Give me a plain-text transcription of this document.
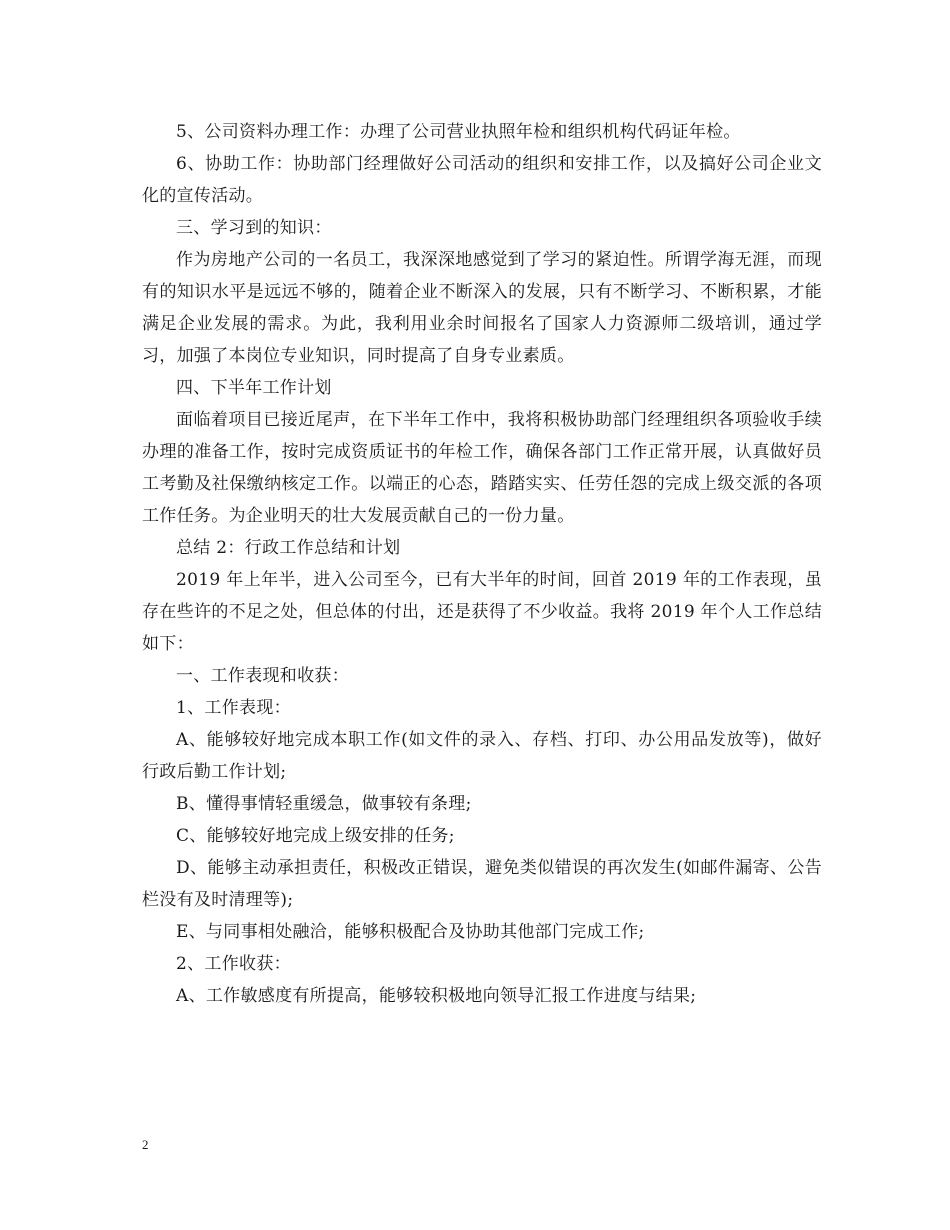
5、公司资料办理工作：办理了公司营业执照年检和组织机构代码证年检。

6、协助工作：协助部门经理做好公司活动的组织和安排工作，以及搞好公司企业文化的宣传活动。

三、学习到的知识：

作为房地产公司的一名员工，我深深地感觉到了学习的紧迫性。所谓学海无涯，而现有的知识水平是远远不够的，随着企业不断深入的发展，只有不断学习、不断积累，才能满足企业发展的需求。为此，我利用业余时间报名了国家人力资源师二级培训，通过学习，加强了本岗位专业知识，同时提高了自身专业素质。

四、下半年工作计划

面临着项目已接近尾声，在下半年工作中，我将积极协助部门经理组织各项验收手续办理的准备工作，按时完成资质证书的年检工作，确保各部门工作正常开展，认真做好员工考勤及社保缴纳核定工作。以端正的心态，踏踏实实、任劳任怨的完成上级交派的各项工作任务。为企业明天的壮大发展贡献自己的一份力量。

总结 2：行政工作总结和计划

2019 年上年半，进入公司至今，已有大半年的时间，回首 2019 年的工作表现，虽存在些许的不足之处，但总体的付出，还是获得了不少收益。我将 2019 年个人工作总结如下：

一、工作表现和收获：

1、工作表现：

A、能够较好地完成本职工作(如文件的录入、存档、打印、办公用品发放等)，做好行政后勤工作计划;

B、懂得事情轻重缓急，做事较有条理;

C、能够较好地完成上级安排的任务;

D、能够主动承担责任，积极改正错误，避免类似错误的再次发生(如邮件漏寄、公告栏没有及时清理等);

E、与同事相处融洽，能够积极配合及协助其他部门完成工作;

2、工作收获：

A、工作敏感度有所提高，能够较积极地向领导汇报工作进度与结果;

2
